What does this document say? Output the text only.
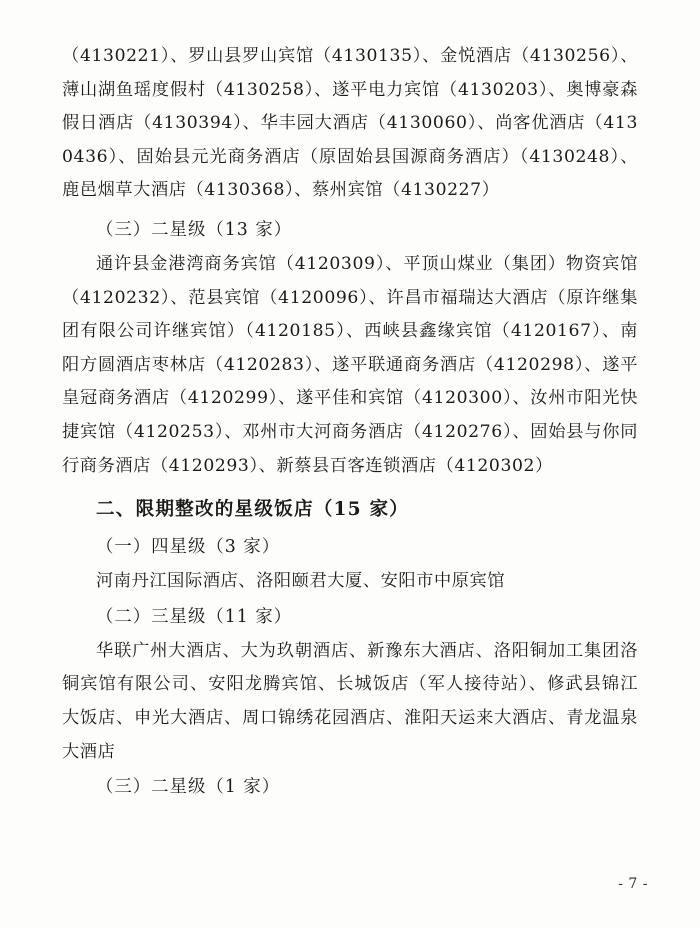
（4130221）、罗山县罗山宾馆（4130135）、金悦酒店（4130256）、薄山湖鱼瑶度假村（4130258）、遂平电力宾馆（4130203）、奥博豪森假日酒店（4130394）、华丰园大酒店（4130060）、尚客优酒店（4130436）、固始县元光商务酒店（原固始县国源商务酒店）（4130248）、 鹿邑烟草大酒店（4130368）、蔡州宾馆（4130227）

（三）二星级（13 家）

通许县金港湾商务宾馆（4120309）、平顶山煤业（集团）物资宾馆（4120232）、范县宾馆（4120096）、许昌市福瑞达大酒店（原许继集团有限公司许继宾馆）（4120185）、西峡县鑫缘宾馆（4120167）、南阳方圆酒店枣林店（4120283）、遂平联通商务酒店（4120298）、遂平皇冠商务酒店（4120299）、遂平佳和宾馆（4120300）、汝州市阳光快捷宾馆（4120253）、邓州市大河商务酒店（4120276）、固始县与你同行商务酒店（4120293）、新蔡县百客连锁酒店（4120302）

二、限期整改的星级饭店（15 家）

（一）四星级（3 家）

河南丹江国际酒店、洛阳颐君大厦、安阳市中原宾馆

（二）三星级（11 家）

华联广州大酒店、大为玖朝酒店、新豫东大酒店、洛阳铜加工集团洛铜宾馆有限公司、安阳龙腾宾馆、长城饭店（军人接待站）、修武县锦江大饭店、申光大酒店、周口锦绣花园酒店、淮阳天运来大酒店、青龙温泉大酒店

（三）二星级（1 家）

- 7 -
